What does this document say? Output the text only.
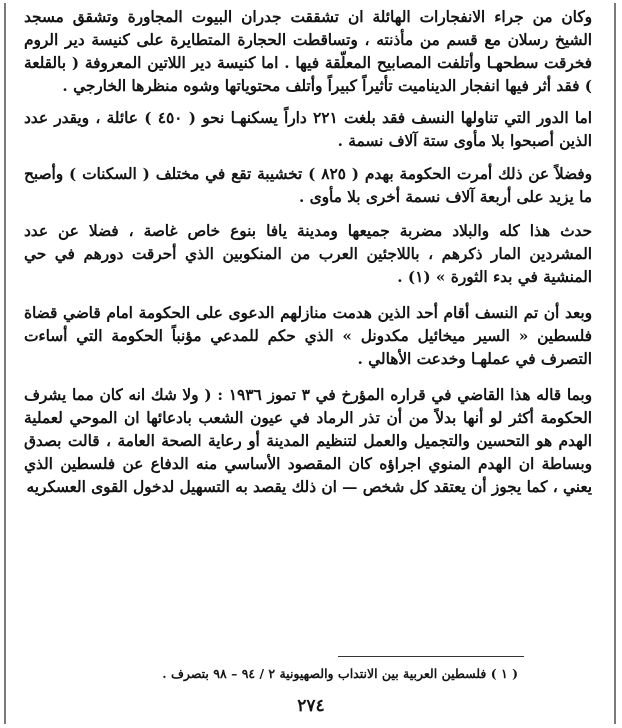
وكان من جراء الانفجارات الهائلة ان تشققت جدران البيوت المجاورة وتشقق مسجد الشيخ رسلان مع قسم من مأذنته ، وتساقطت الحجارة المتطايرة على كنيسة دير الروم فخرقت سطحهـا وأتلفت المصابيح المعلّقة فيها . اما كنيسة دير اللاتين المعروفة ( بالقلعة ) فقد أثر فيها انفجار الديناميت تأثيراً كبيراً وأتلف محتوياتها وشوه منظرها الخارجي .

اما الدور التي تناولها النسف فقد بلغت ٢٢١ داراً يسكنهـا نحو ( ٤٥٠ ) عائلة ، ويقدر عدد الذين أصبحوا بلا مأوى ستة آلاف نسمة .

وفضلاً عن ذلك أمرت الحكومة بهدم ( ٨٢٥ ) تخشيبة تقع في مختلف ( السكنات ) وأصبح ما يزيد على أربعة آلاف نسمة أخرى بلا مأوى .

حدث هذا كله والبلاد مضربة جميعها ومدينة يافا بنوع خاص غاصة ، فضلا عن عدد المشردين المار ذكرهم ، باللاجئين العرب من المنكوبين الذي أحرقت دورهم في حي المنشية في بدء الثورة » (١) .

وبعد أن تم النسف أقام أحد الذين هدمت منازلهم الدعوى على الحكومة امام قاضي قضاة فلسطين « السير ميخائيل مكدونل » الذي حكم للمدعي مؤنباً الحكومة التي أساءت التصرف في عملهـا وخدعت الأهالي .

وبما قاله هذا القاضي في قراره المؤرخ في ٣ تموز ١٩٣٦ : ( ولا شك انه كان مما يشرف الحكومة أكثر لو أنها بدلاً من أن تذر الرماد في عيون الشعب بادعائها ان الموحي لعملية الهدم هو التحسين والتجميل والعمل لتنظيم المدينة أو رعاية الصحة العامة ، قالت بصدق وبساطة ان الهدم المنوي اجراؤه كان المقصود الأساسي منه الدفاع عن فلسطين الذي يعني ، كما يجوز أن يعتقد كل شخص — ان ذلك يقصد به التسهيل لدخول القوى العسكريه

( ١ ) فلسطين العربية بين الانتداب والصهيونية ٢ / ٩٤ – ٩٨ بتصرف .
٢٧٤
